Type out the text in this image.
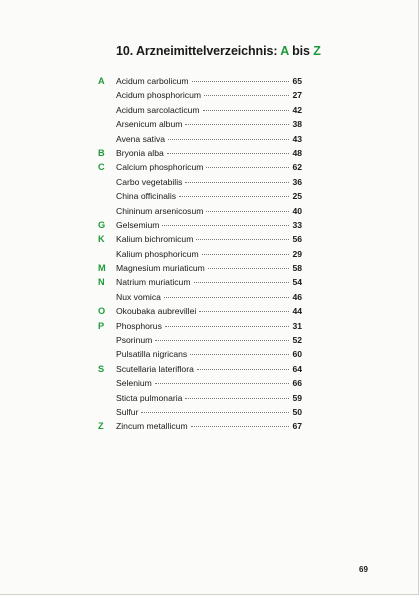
10. Arzneimittelverzeichnis: A bis Z
A Acidum carbolicum	65
Acidum phosphoricum	27
Acidum sarcolacticum	42
Arsenicum album	38
Avena sativa	43
B Bryonia alba	48
C Calcium phosphoricum	62
Carbo vegetabilis	36
China officinalis	25
Chininum arsenicosum	40
G Gelsemium	33
K Kalium bichromicum	56
Kalium phosphoricum	29
M Magnesium muriaticum	58
N Natrium muriaticum	54
Nux vomica	46
O Okoubaka aubrevillei	44
P Phosphorus	31
Psorinum	52
Pulsatilla nigricans	60
S Scutellaria lateriflora	64
Selenium	66
Sticta pulmonaria	59
Sulfur	50
Z Zincum metallicum	67
69
